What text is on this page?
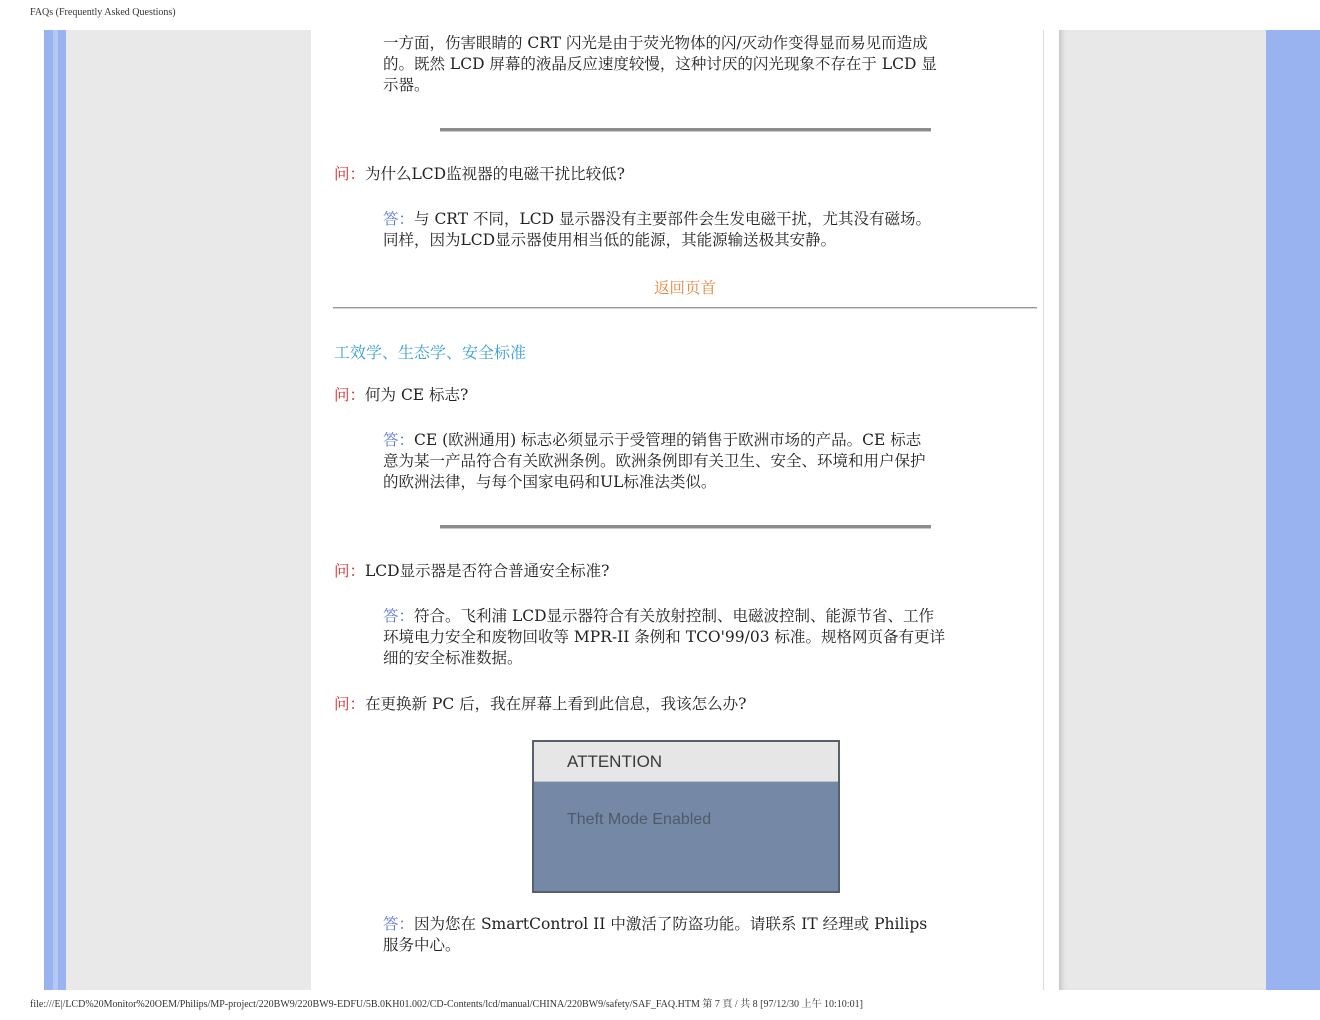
FAQs (Frequently Asked Questions)
一方面，伤害眼睛的 CRT 闪光是由于荧光物体的闪/灭动作变得显而易见而造成
的。既然 LCD 屏幕的液晶反应速度较慢，这种讨厌的闪光现象不存在于 LCD 显
示器。
问：为什么LCD监视器的电磁干扰比较低?
答：与 CRT 不同，LCD 显示器没有主要部件会生发电磁干扰，尤其没有磁场。
同样，因为LCD显示器使用相当低的能源，其能源输送极其安静。
返回页首
工效学、生态学、安全标准
问：何为 CE 标志?
答：CE (欧洲通用) 标志必须显示于受管理的销售于欧洲市场的产品。CE 标志
意为某一产品符合有关欧洲条例。欧洲条例即有关卫生、安全、环境和用户保护
的欧洲法律，与每个国家电码和UL标准法类似。
问：LCD显示器是否符合普通安全标准?
答：符合。飞利浦 LCD显示器符合有关放射控制、电磁波控制、能源节省、工作
环境电力安全和废物回收等 MPR-II 条例和 TCO'99/03 标准。规格网页备有更详
细的安全标准数据。
问：在更换新 PC 后，我在屏幕上看到此信息，我该怎么办?
ATTENTION
Theft Mode Enabled
答：因为您在 SmartControl II 中激活了防盗功能。请联系 IT 经理或 Philips
服务中心。
file:///E|/LCD%20Monitor%20OEM/Philips/MP-project/220BW9/220BW9-EDFU/5B.0KH01.002/CD-Contents/lcd/manual/CHINA/220BW9/safety/SAF_FAQ.HTM 第 7 頁 / 共 8 [97/12/30 上午 10:10:01]
